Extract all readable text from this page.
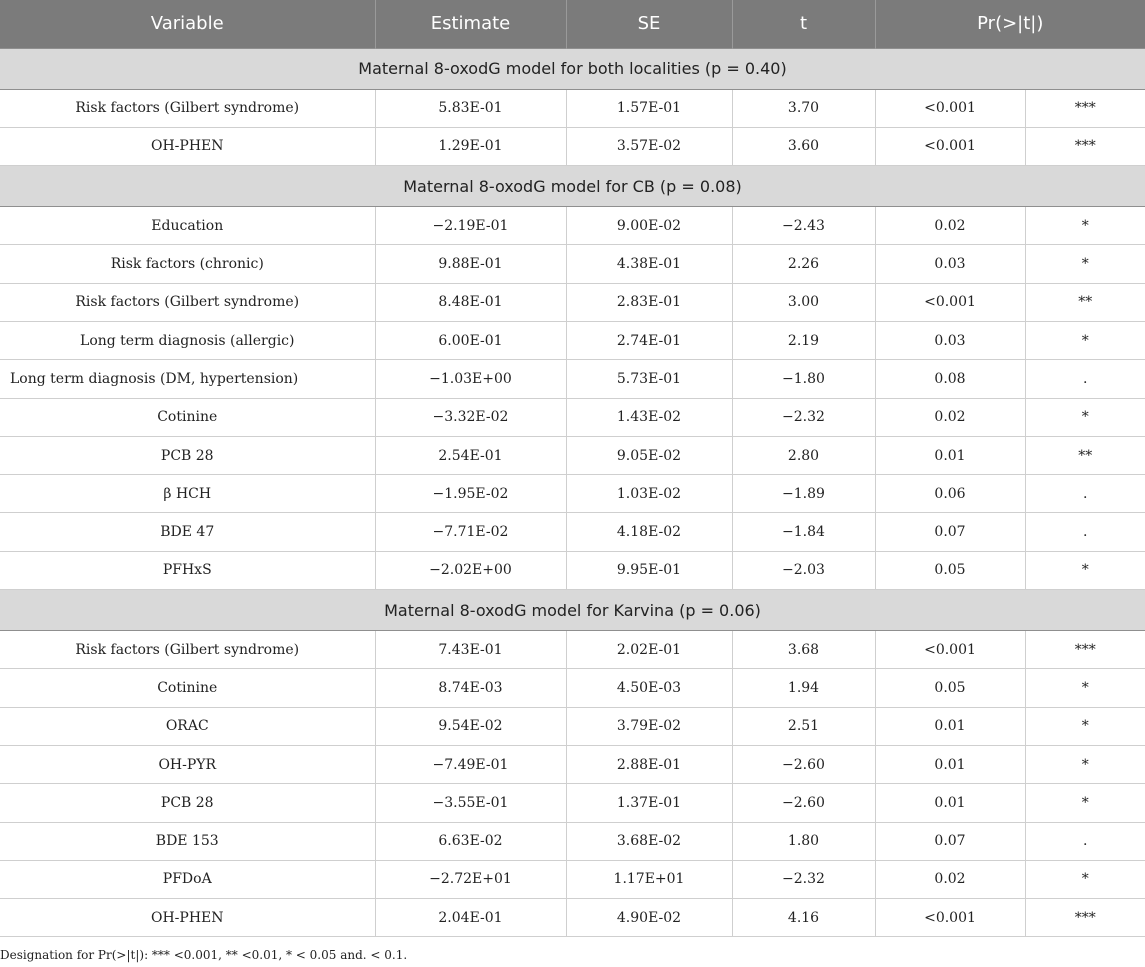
Variable	Estimate	SE	t	Pr(>|t|)	
Maternal 8-oxodG model for both localities (p = 0.40)					
Risk factors (Gilbert syndrome)	5.83E-01	1.57E-01	3.70	<0.001	***
OH-PHEN	1.29E-01	3.57E-02	3.60	<0.001	***
Maternal 8-oxodG model for CB (p = 0.08)					
Education	−2.19E-01	9.00E-02	−2.43	0.02	*
Risk factors (chronic)	9.88E-01	4.38E-01	2.26	0.03	*
Risk factors (Gilbert syndrome)	8.48E-01	2.83E-01	3.00	<0.001	**
Long term diagnosis (allergic)	6.00E-01	2.74E-01	2.19	0.03	*
Long term diagnosis (DM, hypertension)	−1.03E+00	5.73E-01	−1.80	0.08	.
Cotinine	−3.32E-02	1.43E-02	−2.32	0.02	*
PCB 28	2.54E-01	9.05E-02	2.80	0.01	**
β HCH	−1.95E-02	1.03E-02	−1.89	0.06	.
BDE 47	−7.71E-02	4.18E-02	−1.84	0.07	.
PFHxS	−2.02E+00	9.95E-01	−2.03	0.05	*
Maternal 8-oxodG model for Karvina (p = 0.06)					
Risk factors (Gilbert syndrome)	7.43E-01	2.02E-01	3.68	<0.001	***
Cotinine	8.74E-03	4.50E-03	1.94	0.05	*
ORAC	9.54E-02	3.79E-02	2.51	0.01	*
OH-PYR	−7.49E-01	2.88E-01	−2.60	0.01	*
PCB 28	−3.55E-01	1.37E-01	−2.60	0.01	*
BDE 153	6.63E-02	3.68E-02	1.80	0.07	.
PFDoA	−2.72E+01	1.17E+01	−2.32	0.02	*
OH-PHEN	2.04E-01	4.90E-02	4.16	<0.001	***
Designation for Pr(>|t|): *** <0.001, ** <0.01, * < 0.05 and. < 0.1.
